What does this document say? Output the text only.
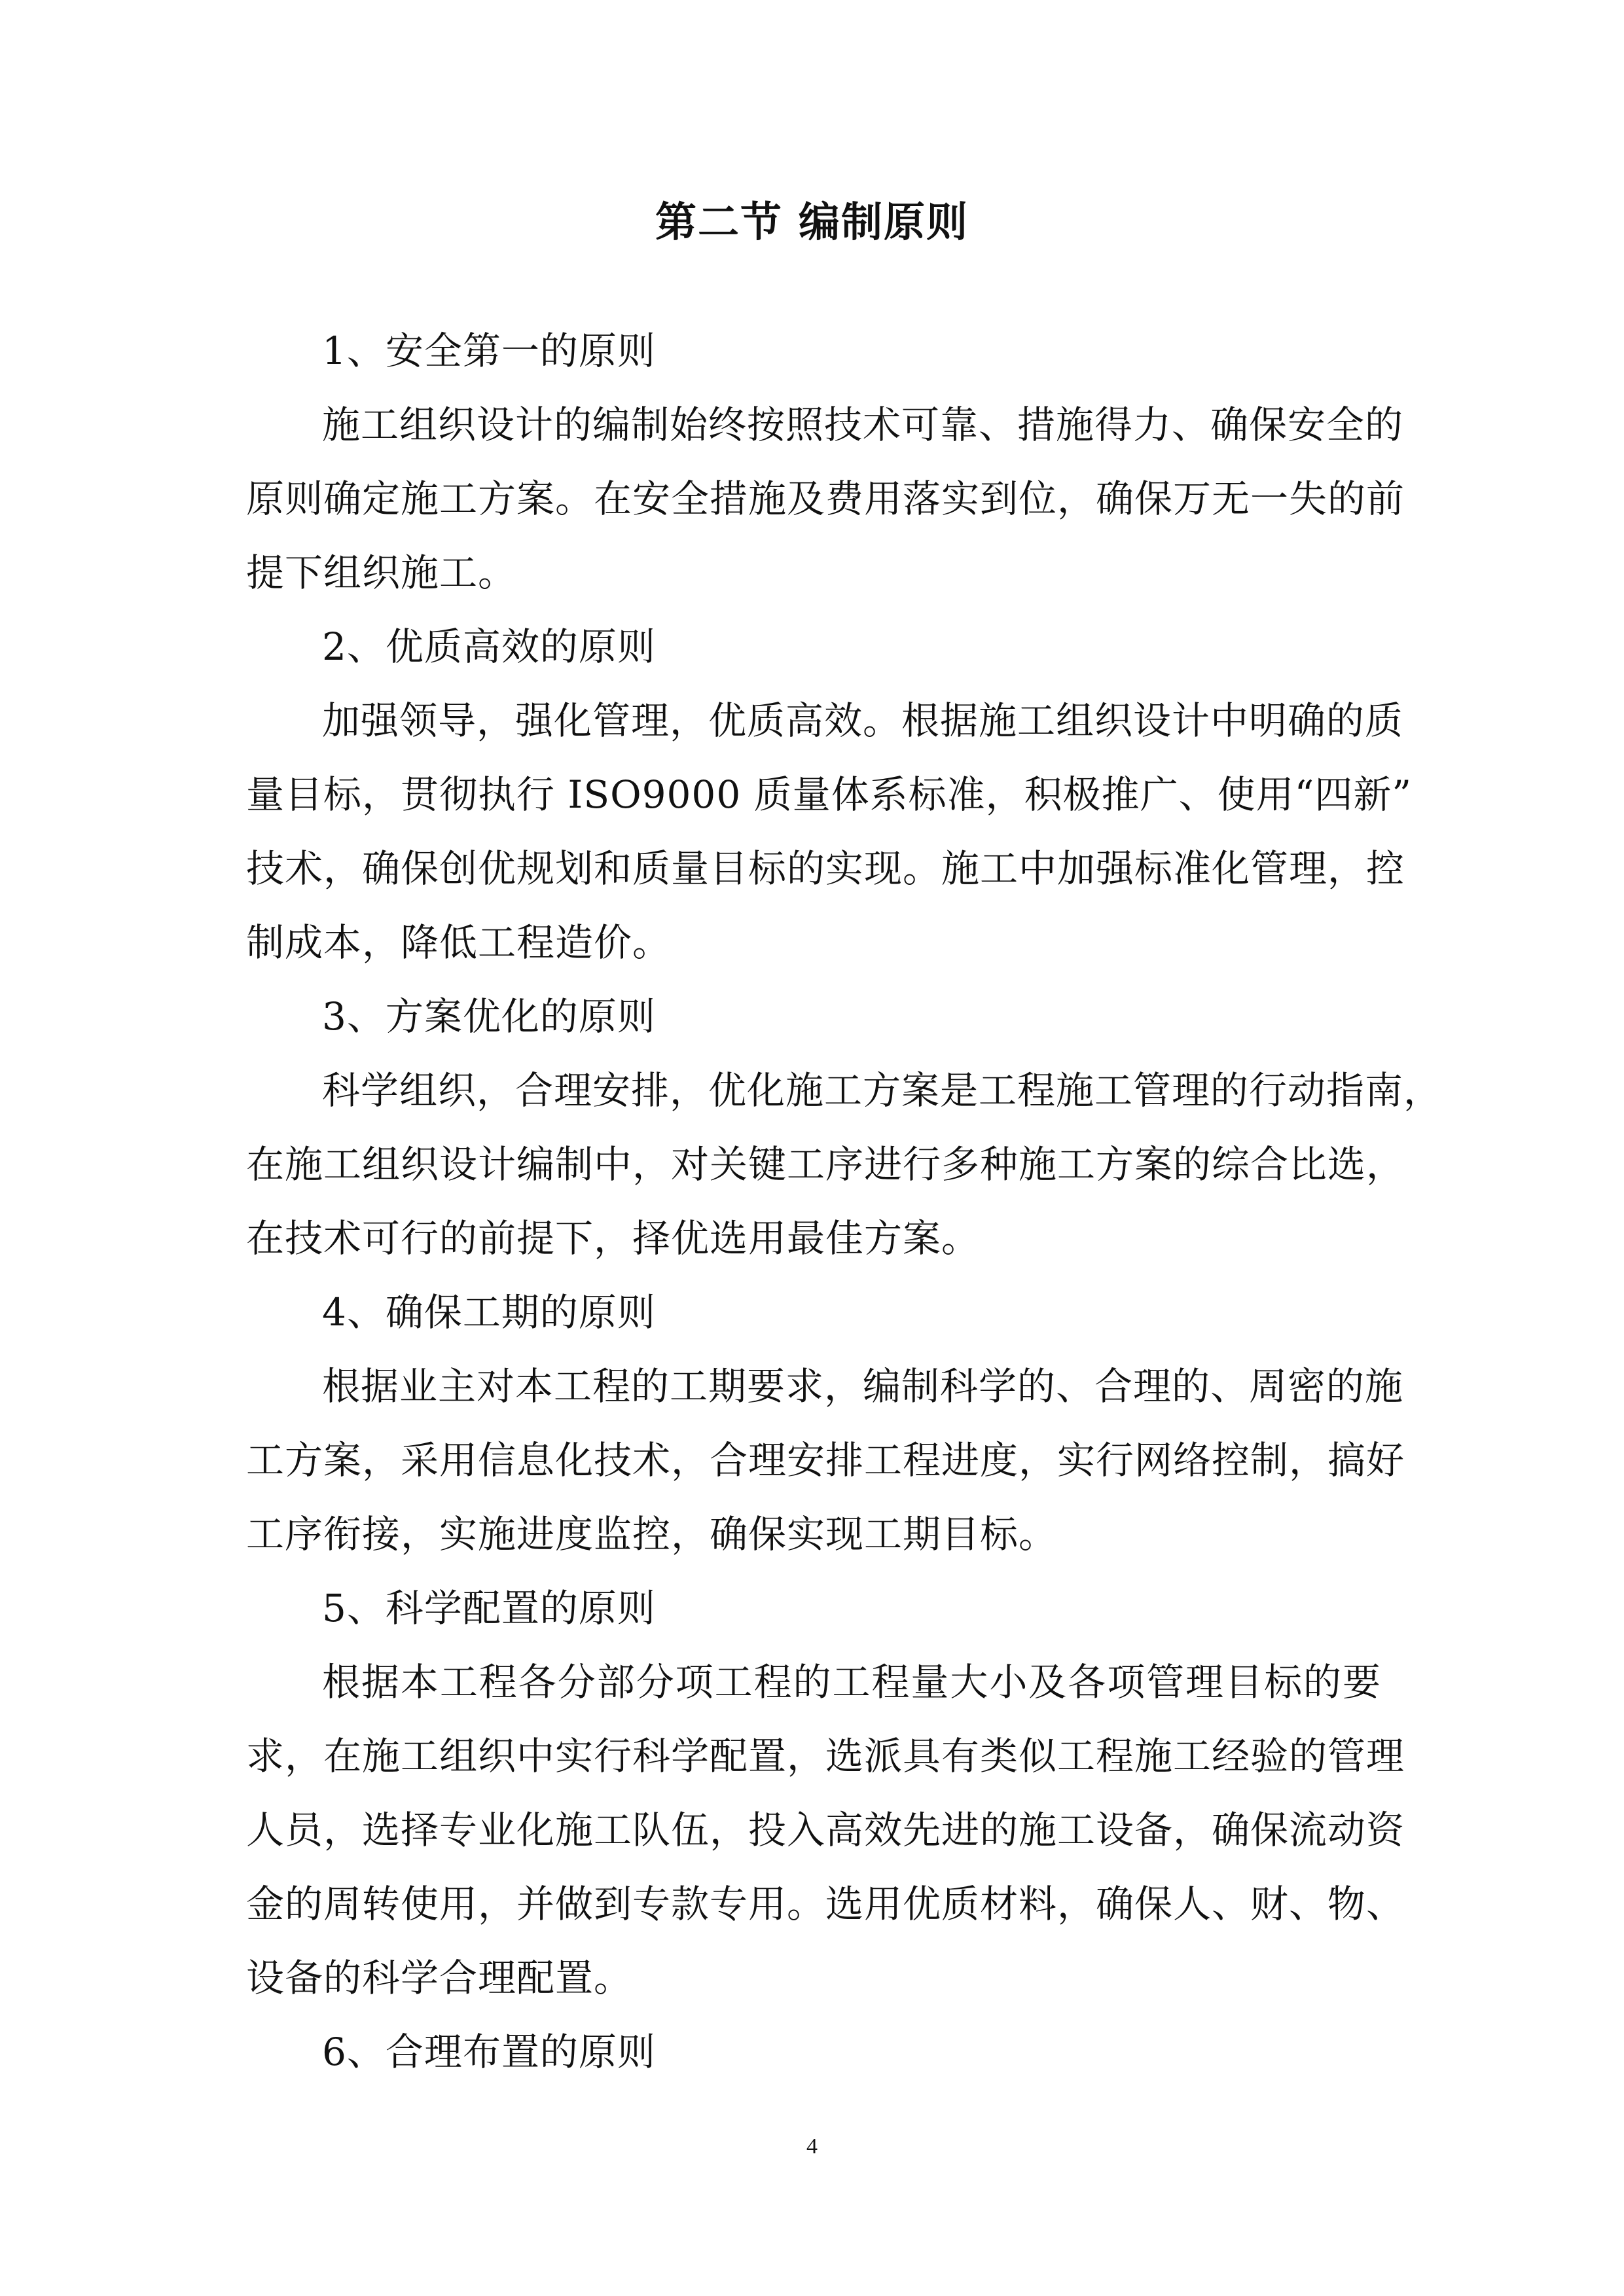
第二节 编制原则
1、安全第一的原则
施工组织设计的编制始终按照技术可靠、措施得力、确保安全的
原则确定施工方案。在安全措施及费用落实到位，确保万无一失的前
提下组织施工。
2、优质高效的原则
加强领导，强化管理，优质高效。根据施工组织设计中明确的质
量目标，贯彻执行 ISO9000 质量体系标准，积极推广、使用“四新”
技术，确保创优规划和质量目标的实现。施工中加强标准化管理，控
制成本，降低工程造价。
3、方案优化的原则
科学组织，合理安排，优化施工方案是工程施工管理的行动指南，
在施工组织设计编制中，对关键工序进行多种施工方案的综合比选，
在技术可行的前提下，择优选用最佳方案。
4、确保工期的原则
根据业主对本工程的工期要求，编制科学的、合理的、周密的施
工方案，采用信息化技术，合理安排工程进度，实行网络控制，搞好
工序衔接，实施进度监控，确保实现工期目标。
5、科学配置的原则
根据本工程各分部分项工程的工程量大小及各项管理目标的要
求，在施工组织中实行科学配置，选派具有类似工程施工经验的管理
人员，选择专业化施工队伍，投入高效先进的施工设备，确保流动资
金的周转使用，并做到专款专用。选用优质材料，确保人、财、物、
设备的科学合理配置。
6、合理布置的原则
4
